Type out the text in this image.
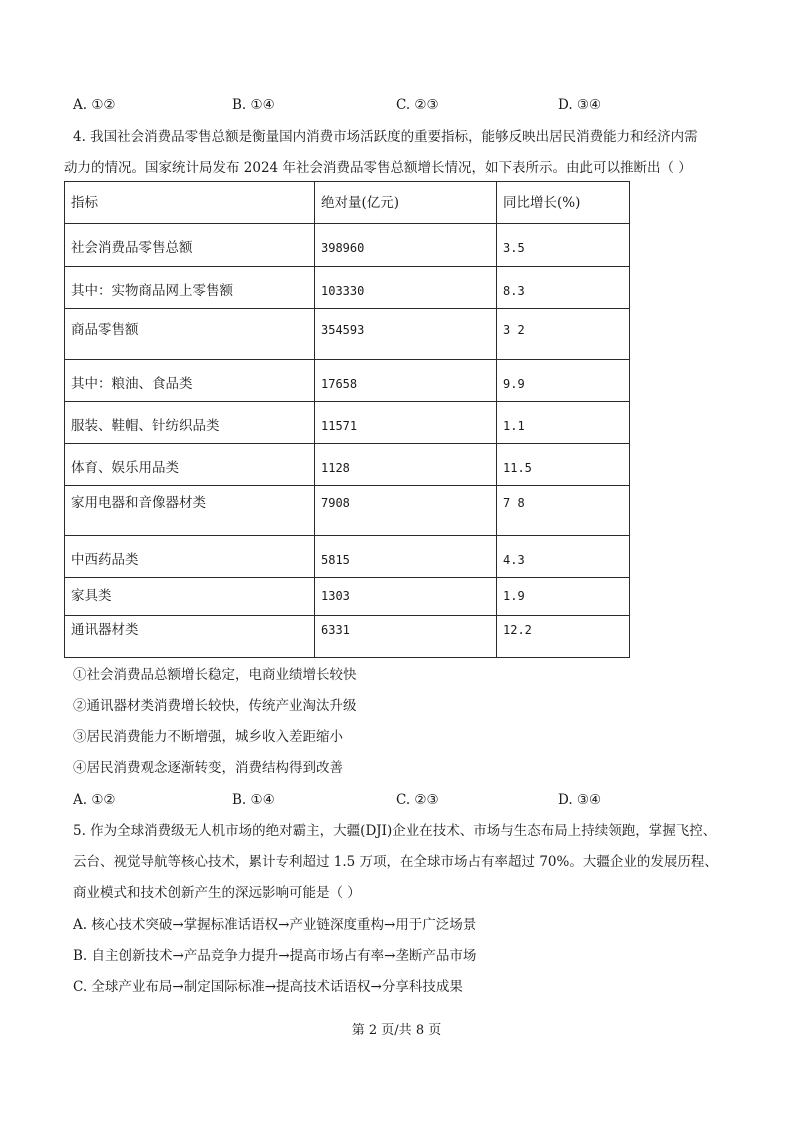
A. ①②	B. ①④	C. ②③	D. ③④
4. 我国社会消费品零售总额是衡量国内消费市场活跃度的重要指标，能够反映出居民消费能力和经济内需
动力的情况。国家统计局发布 2024 年社会消费品零售总额增长情况，如下表所示。由此可以推断出（ ）
指标	绝对量(亿元)	同比增长(%)
社会消费品零售总额	398960	3.5
其中：实物商品网上零售额	103330	8.3
商品零售额	354593	3 2
其中：粮油、食品类	17658	9.9
服装、鞋帽、针纺织品类	11571	1.1
体育、娱乐用品类	1128	11.5
家用电器和音像器材类	7908	7 8
中西药品类	5815	4.3
家具类	1303	1.9
通讯器材类	6331	12.2
①社会消费品总额增长稳定，电商业绩增长较快
②通讯器材类消费增长较快，传统产业淘汰升级
③居民消费能力不断增强，城乡收入差距缩小
④居民消费观念逐渐转变，消费结构得到改善
A. ①②	B. ①④	C. ②③	D. ③④
5. 作为全球消费级无人机市场的绝对霸主，大疆(DJI)企业在技术、市场与生态布局上持续领跑，掌握飞控、
云台、视觉导航等核心技术，累计专利超过 1.5 万项，在全球市场占有率超过 70%。大疆企业的发展历程、
商业模式和技术创新产生的深远影响可能是（ ）
A. 核心技术突破→掌握标准话语权→产业链深度重构→用于广泛场景
B. 自主创新技术→产品竞争力提升→提高市场占有率→垄断产品市场
C. 全球产业布局→制定国际标准→提高技术话语权→分享科技成果
第 2 页/共 8 页
